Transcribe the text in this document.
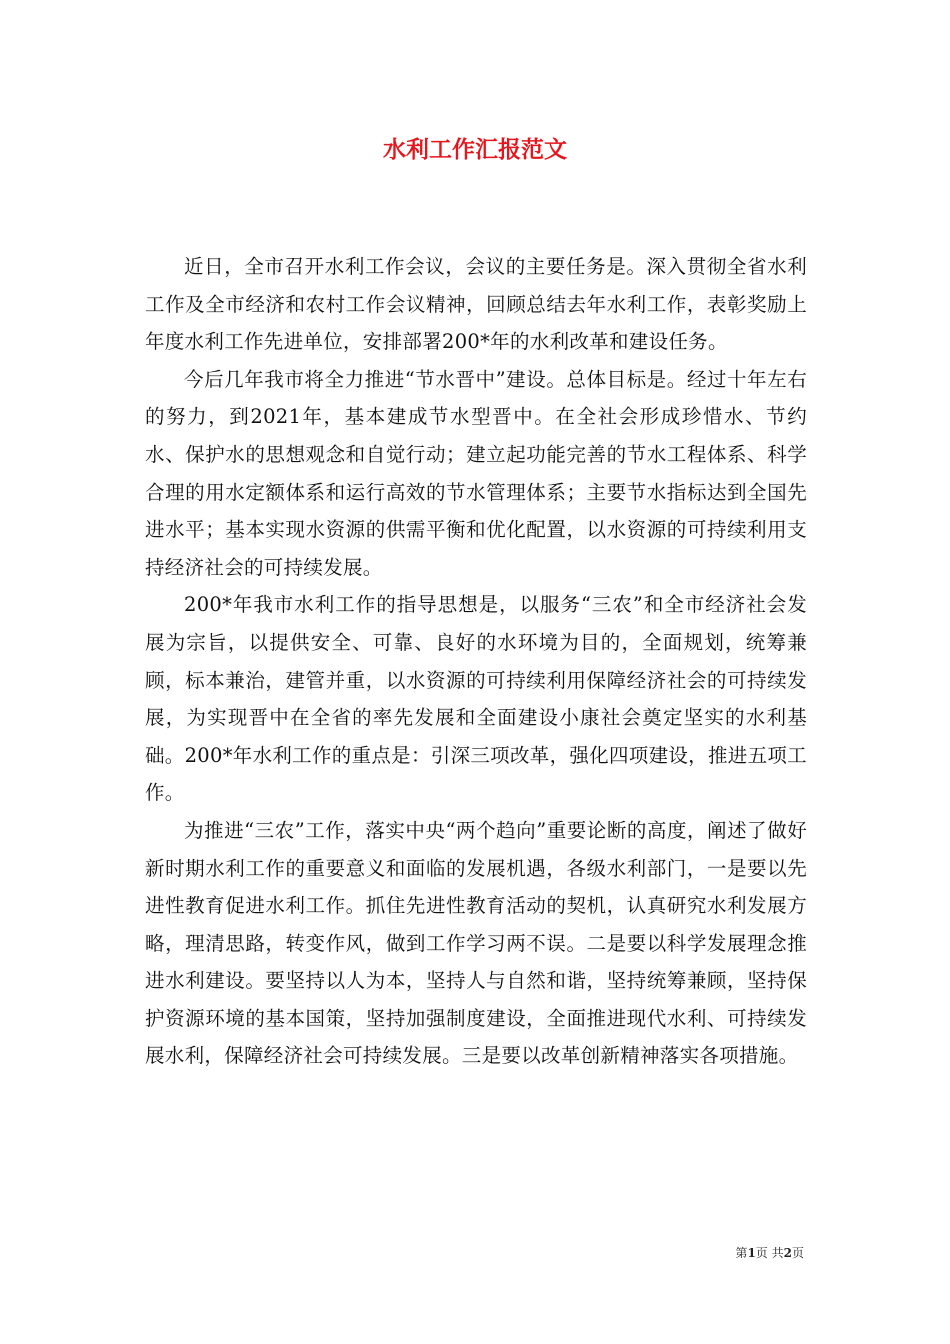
水利工作汇报范文

近日，全市召开水利工作会议，会议的主要任务是。深入贯彻全省水利工作及全市经济和农村工作会议精神，回顾总结去年水利工作，表彰奖励上年度水利工作先进单位，安排部署200*年的水利改革和建设任务。

今后几年我市将全力推进“节水晋中”建设。总体目标是。经过十年左右的努力，到2021年，基本建成节水型晋中。在全社会形成珍惜水、节约水、保护水的思想观念和自觉行动；建立起功能完善的节水工程体系、科学合理的用水定额体系和运行高效的节水管理体系；主要节水指标达到全国先进水平；基本实现水资源的供需平衡和优化配置，以水资源的可持续利用支持经济社会的可持续发展。

200*年我市水利工作的指导思想是，以服务“三农”和全市经济社会发展为宗旨，以提供安全、可靠、良好的水环境为目的，全面规划，统筹兼顾，标本兼治，建管并重，以水资源的可持续利用保障经济社会的可持续发展，为实现晋中在全省的率先发展和全面建设小康社会奠定坚实的水利基础。200*年水利工作的重点是：引深三项改革，强化四项建设，推进五项工作。

为推进“三农”工作，落实中央“两个趋向”重要论断的高度，阐述了做好新时期水利工作的重要意义和面临的发展机遇，各级水利部门，一是要以先进性教育促进水利工作。抓住先进性教育活动的契机，认真研究水利发展方略，理清思路，转变作风，做到工作学习两不误。二是要以科学发展理念推进水利建设。要坚持以人为本，坚持人与自然和谐，坚持统筹兼顾，坚持保护资源环境的基本国策，坚持加强制度建设，全面推进现代水利、可持续发展水利，保障经济社会可持续发展。三是要以改革创新精神落实各项措施。

第1页 共2页
